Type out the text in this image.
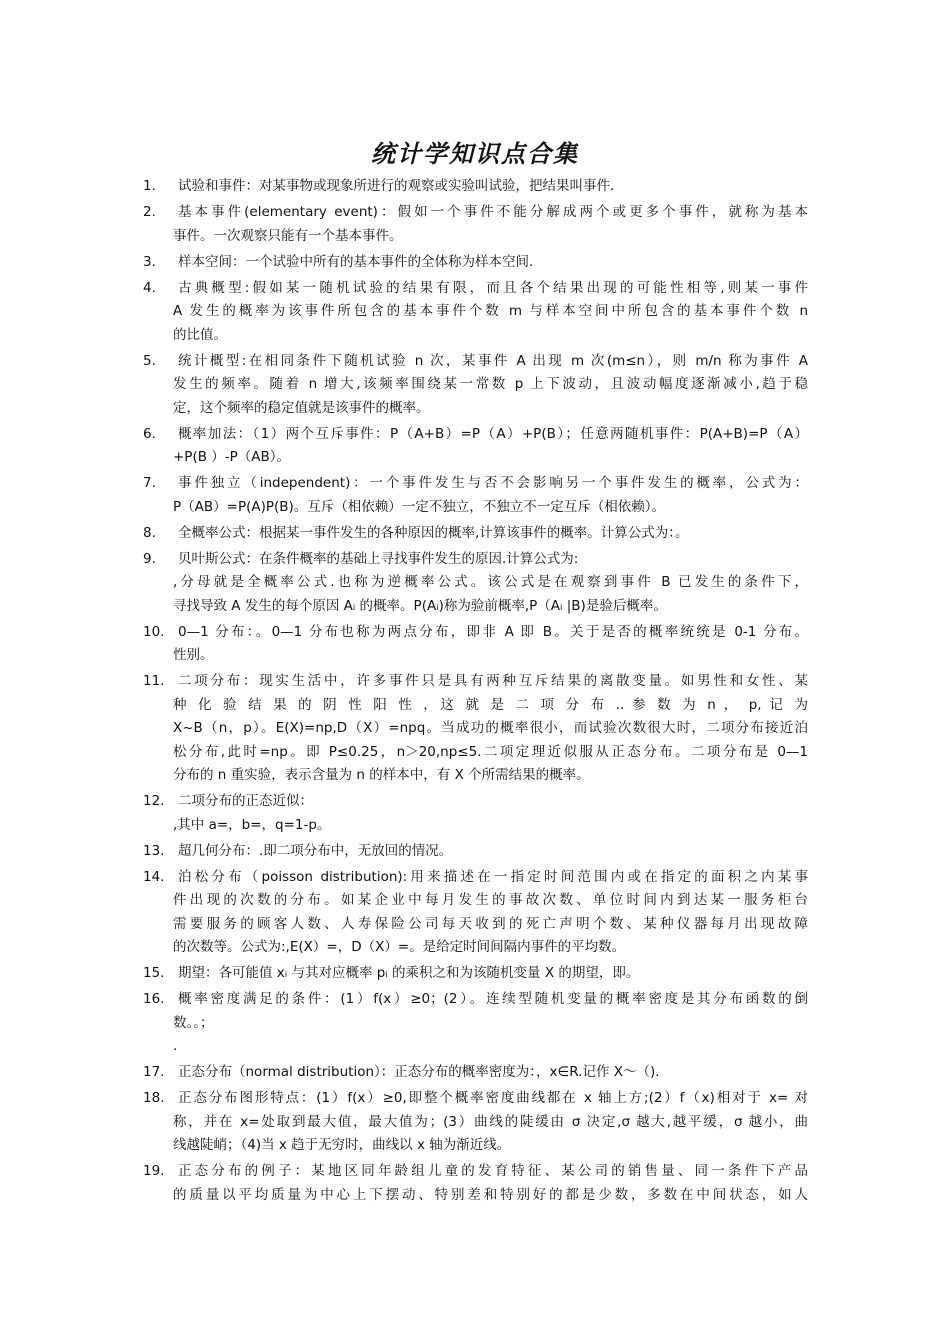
统计学知识点合集
1.	试验和事件：对某事物或现象所进行的观察或实验叫试验，把结果叫事件.
2.	基本事件(elementary event)：假如一个事件不能分解成两个或更多个事件，就称为基本
事件。一次观察只能有一个基本事件。
3.	样本空间：一个试验中所有的基本事件的全体称为样本空间.
4.	古典概型:假如某一随机试验的结果有限，而且各个结果出现的可能性相等,则某一事件
A 发生的概率为该事件所包含的基本事件个数 m 与样本空间中所包含的基本事件个数 n
的比值。
5.	统计概型:在相同条件下随机试验 n 次，某事件 A 出现 m 次(m≤n），则 m/n 称为事件 A
发生的频率。随着 n 增大,该频率围绕某一常数 p 上下波动，且波动幅度逐渐减小,趋于稳
定，这个频率的稳定值就是该事件的概率。
6.	概率加法：（1）两个互斥事件：P（A+B）=P（A）+P(B）；任意两随机事件：P(A+B)=P（A）
+P(B ）-P（AB）。
7.	事件独立（independent)：一个事件发生与否不会影响另一个事件发生的概率，公式为：
P（AB）=P(A)P(B)。互斥（相依赖）一定不独立，不独立不一定互斥（相依赖）。
8.	全概率公式：根据某一事件发生的各种原因的概率,计算该事件的概率。计算公式为：。
9.	贝叶斯公式：在条件概率的基础上寻找事件发生的原因.计算公式为:
,分母就是全概率公式.也称为逆概率公式。该公式是在观察到事件 B 已发生的条件下，
寻找导致 A 发生的每个原因 Aᵢ 的概率。P(Aᵢ)称为验前概率,P（Aᵢ |B)是验后概率。
10.	0—1 分布：。0—1 分布也称为两点分布，即非 A 即 B。关于是否的概率统统是 0-1 分布。
性别。
11.	二项分布：现实生活中，许多事件只是具有两种互斥结果的离散变量。如男性和女性、某
种 化 验 结 果 的 阴 性 阳 性 ，这 就 是 二 项 分 布 .. 参 数 为 n ， p, 记 为
X~B（n，p）。E(X)=np,D（X）=npq。当成功的概率很小，而试验次数很大时，二项分布接近泊
松分布,此时=np。即 P≤0.25，n＞20,np≤5.二项定理近似服从正态分布。二项分布是 0—1
分布的 n 重实验，表示含量为 n 的样本中，有 X 个所需结果的概率。
12.	二项分布的正态近似：
,其中 a=，b=，q=1-p。
13.	超几何分布：.即二项分布中，无放回的情况。
14.	泊松分布（poisson distribution):用来描述在一指定时间范围内或在指定的面积之内某事
件出现的次数的分布。如某企业中每月发生的事故次数、单位时间内到达某一服务柜台
需要服务的顾客人数、人寿保险公司每天收到的死亡声明个数、某种仪器每月出现故障
的次数等。公式为:,E(X）=，D（X）=。是给定时间间隔内事件的平均数。
15.	期望：各可能值 xᵢ 与其对应概率 pᵢ 的乘积之和为该随机变量 X 的期望，即。
16.	概率密度满足的条件：(1）f(x）≥0；(2）。连续型随机变量的概率密度是其分布函数的倒
数。。；
.
17.	正态分布（normal distribution）：正态分布的概率密度为：，x∈R.记作 X～（).
18.	正态分布图形特点：(1）f(x）≥0,即整个概率密度曲线都在 x 轴上方;(2）f（x)相对于 x= 对
称，并在 x=处取到最大值，最大值为；(3）曲线的陡缓由 σ 决定,σ 越大,越平缓，σ 越小，曲
线越陡峭；（4)当 x 趋于无穷时，曲线以 x 轴为渐近线。
19.	正态分布的例子：某地区同年龄组儿童的发育特征、某公司的销售量、同一条件下产品
的质量以平均质量为中心上下摆动、特别差和特别好的都是少数，多数在中间状态，如人
